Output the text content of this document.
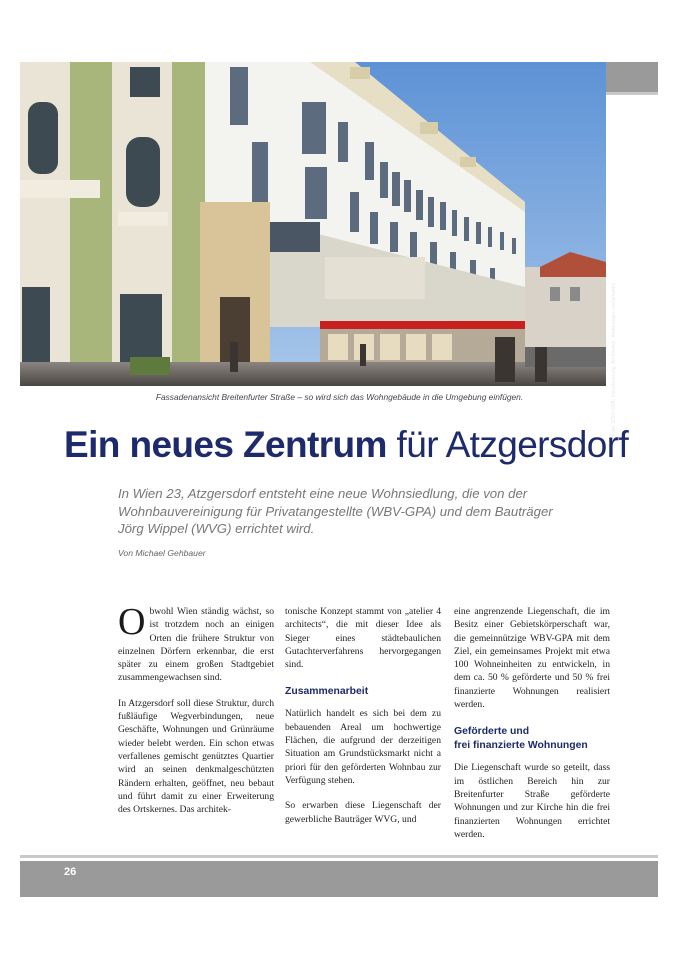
Foto: WBV-GPA, Visualisierung, Architektur: Anderungen vorbehalten
Fassadenansicht Breitenfurter Straße – so wird sich das Wohngebäude in die Umgebung einfügen.
Ein neues Zentrum für Atzgersdorf

In Wien 23, Atzgersdorf entsteht eine neue Wohnsiedlung, die von der Wohnbauvereinigung für Privatangestellte (WBV-GPA) und dem Bauträger Jörg Wippel (WVG) errichtet wird.

Von Michael Gehbauer

Obwohl Wien ständig wächst, so ist trotzdem noch an einigen Orten die frühere Struktur von einzelnen Dörfern erkennbar, die erst später zu einem großen Stadtgebiet zusammengewachsen sind.

In Atzgersdorf soll diese Struktur, durch fußläufige Wegverbindungen, neue Geschäfte, Wohnungen und Grünräume wieder belebt werden. Ein schon etwas verfallenes gemischt genütztes Quartier wird an seinen denkmalgeschützten Rändern erhalten, geöffnet, neu bebaut und führt damit zu einer Erweiterung des Ortskernes. Das architek-

tonische Konzept stammt von „atelier 4 architects“, die mit dieser Idee als Sieger eines städtebaulichen Gutachterverfahrens hervorgegangen sind.

Zusammenarbeit

Natürlich handelt es sich bei dem zu bebauenden Areal um hochwertige Flächen, die aufgrund der derzeitigen Situation am Grundstücksmarkt nicht a priori für den geförderten Wohnbau zur Verfügung stehen.

So erwarben diese Liegenschaft der gewerbliche Bauträger WVG, und

eine angrenzende Liegenschaft, die im Besitz einer Gebietskörperschaft war, die gemeinnützige WBV-GPA mit dem Ziel, ein gemeinsames Projekt mit etwa 100 Wohneinheiten zu entwickeln, in dem ca. 50 % geförderte und 50 % frei finanzierte Wohnungen realisiert werden.

Geförderte und
frei finanzierte Wohnungen

Die Liegenschaft wurde so geteilt, dass im östlichen Bereich hin zur Breitenfurter Straße geförderte Wohnungen und zur Kirche hin die frei finanzierten Wohnungen errichtet werden.

26
